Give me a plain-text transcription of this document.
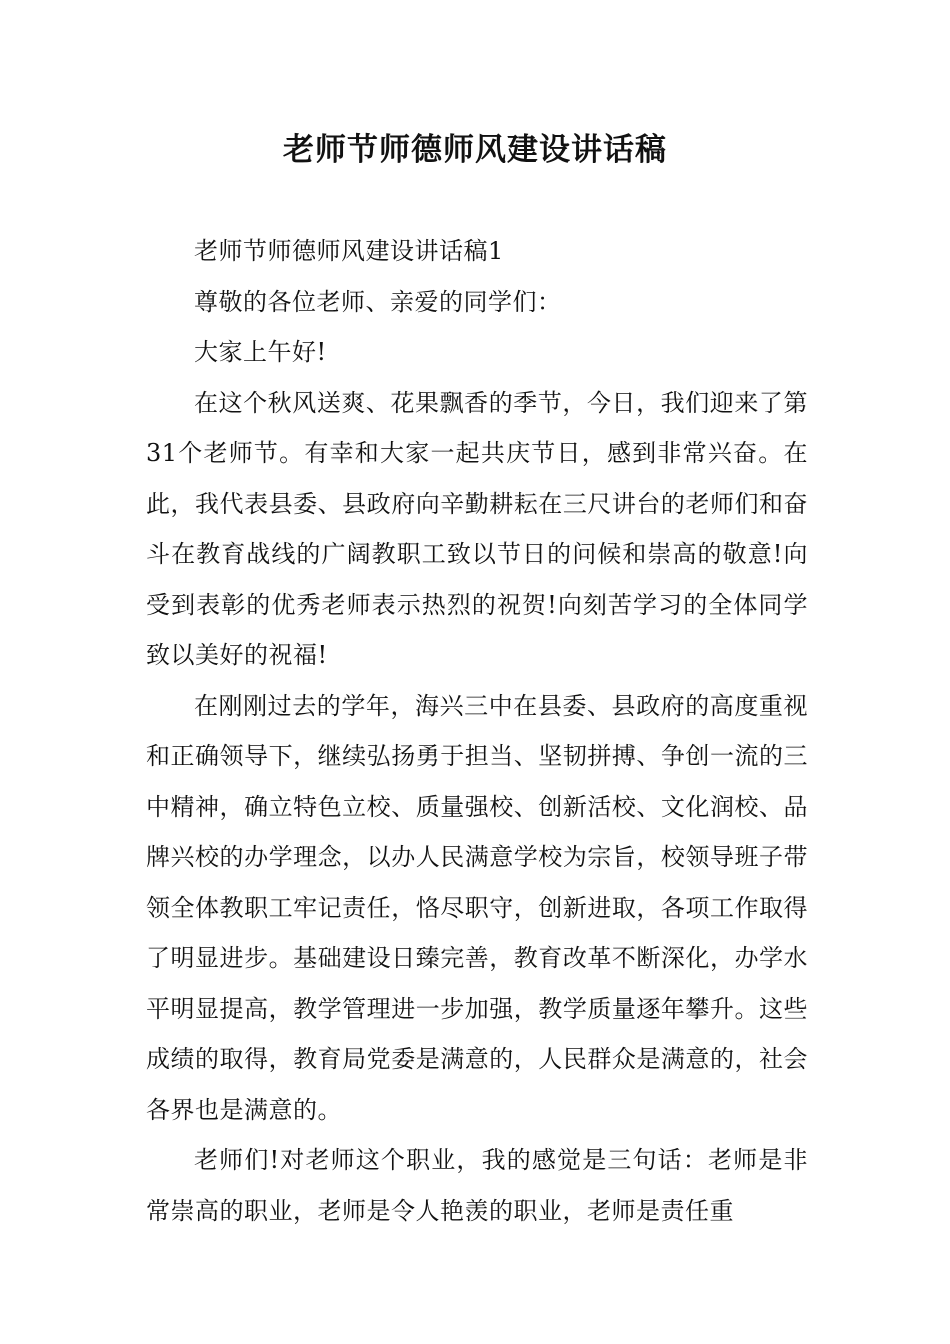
老师节师德师风建设讲话稿

老师节师德师风建设讲话稿1

尊敬的各位老师、亲爱的同学们：

大家上午好!

在这个秋风送爽、花果飘香的季节，今日，我们迎来了第31个老师节。有幸和大家一起共庆节日，感到非常兴奋。在此，我代表县委、县政府向辛勤耕耘在三尺讲台的老师们和奋斗在教育战线的广阔教职工致以节日的问候和崇高的敬意!向受到表彰的优秀老师表示热烈的祝贺!向刻苦学习的全体同学致以美好的祝福!

在刚刚过去的学年，海兴三中在县委、县政府的高度重视和正确领导下，继续弘扬勇于担当、坚韧拼搏、争创一流的三中精神，确立特色立校、质量强校、创新活校、文化润校、品牌兴校的办学理念，以办人民满意学校为宗旨，校领导班子带领全体教职工牢记责任，恪尽职守，创新进取，各项工作取得了明显进步。基础建设日臻完善，教育改革不断深化，办学水平明显提高，教学管理进一步加强，教学质量逐年攀升。这些成绩的取得，教育局党委是满意的，人民群众是满意的，社会各界也是满意的。

老师们!对老师这个职业，我的感觉是三句话：老师是非常崇高的职业，老师是令人艳羡的职业，老师是责任重
